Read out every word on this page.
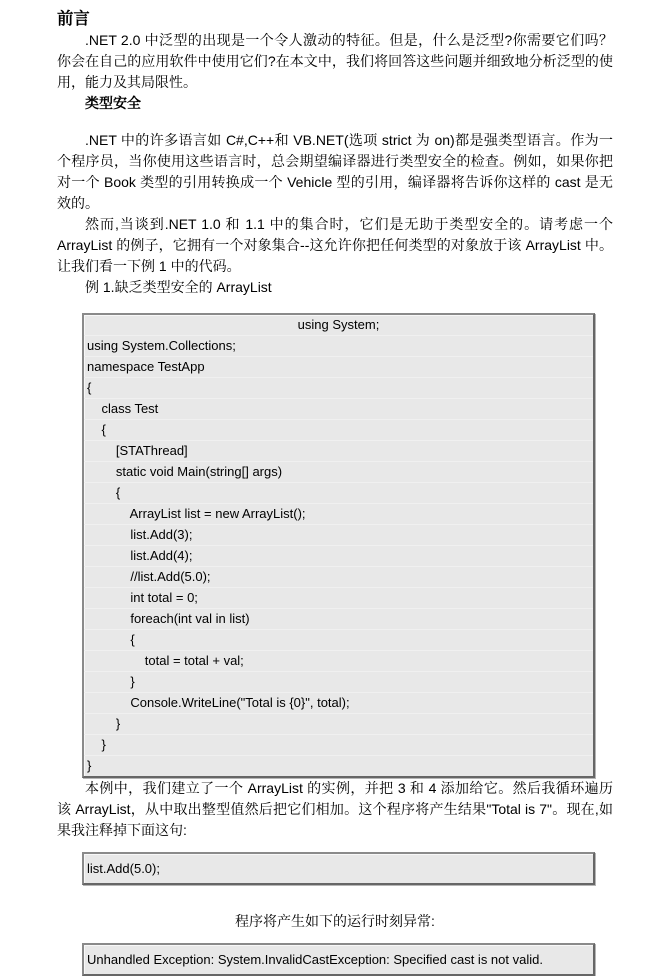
前言

.NET 2.0 中泛型的出现是一个令人激动的特征。但是，什么是泛型?你需要它们吗？你会在自己的应用软件中使用它们?在本文中，我们将回答这些问题并细致地分析泛型的使用，能力及其局限性。

类型安全

.NET 中的许多语言如 C#,C++和 VB.NET(选项 strict 为 on)都是强类型语言。作为一个程序员，当你使用这些语言时，总会期望编译器进行类型安全的检查。例如，如果你把对一个 Book 类型的引用转换成一个 Vehicle 型的引用，编译器将告诉你这样的 cast 是无效的。

然而,当谈到.NET 1.0 和 1.1 中的集合时，它们是无助于类型安全的。请考虑一个 ArrayList 的例子，它拥有一个对象集合--这允许你把任何类型的对象放于该 ArrayList 中。让我们看一下例 1 中的代码。

例 1.缺乏类型安全的 ArrayList

using System;
using System.Collections;
namespace TestApp
{
class Test
{
[STAThread]
static void Main(string[] args)
{
ArrayList list = new ArrayList();
list.Add(3);
list.Add(4);
//list.Add(5.0);
int total = 0;
foreach(int val in list)
{
total = total + val;
}
Console.WriteLine("Total is {0}", total);
}
}
}

本例中，我们建立了一个 ArrayList 的实例，并把 3 和 4 添加给它。然后我循环遍历该 ArrayList，从中取出整型值然后把它们相加。这个程序将产生结果"Total is 7"。现在,如果我注释掉下面这句:

list.Add(5.0);

程序将产生如下的运行时刻异常:

Unhandled Exception: System.InvalidCastException: Specified cast is not valid.
